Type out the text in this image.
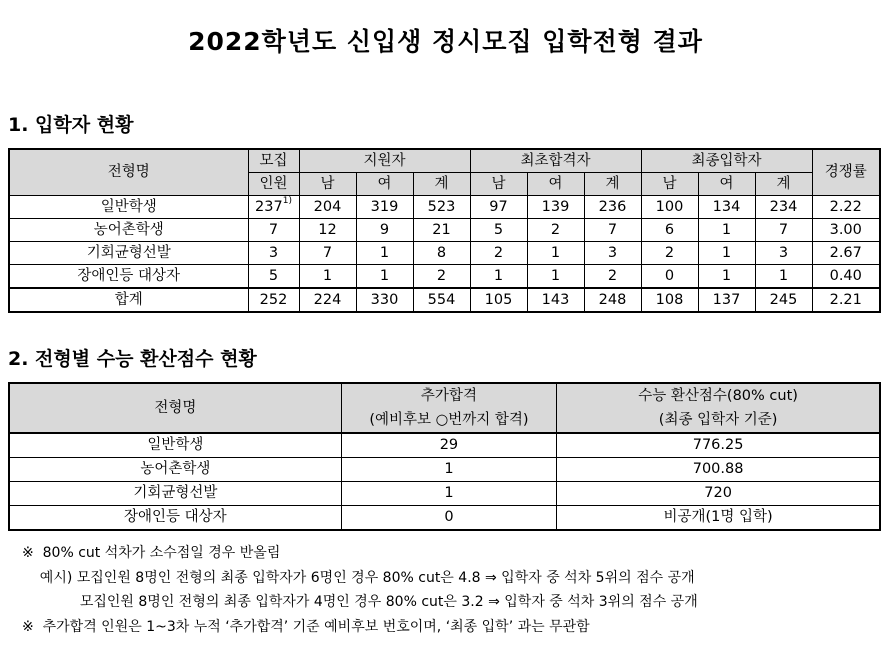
2022학년도 신입생 정시모집 입학전형 결과
1. 입학자 현황
전형명	모집	지원자			최초합격자			최종입학자			경쟁률
	인원	남	여	계	남	여	계	남	여	계	
일반학생	237$^{1)}$	204	319	523	97	139	236	100	134	234	2.22
농어촌학생	7	12	9	21	5	2	7	6	1	7	3.00
기회균형선발	3	7	1	8	2	1	3	2	1	3	2.67
장애인등 대상자	5	1	1	2	1	1	2	0	1	1	0.40
합계	252	224	330	554	105	143	248	108	137	245	2.21
2. 전형별 수능 환산점수 현황
전형명	추가합격	수능 환산점수(80% cut)
	(예비후보 ○번까지 합격)	(최종 입학자 기준)
일반학생	29	776.25
농어촌학생	1	700.88
기회균형선발	1	720
장애인등 대상자	0	비공개(1명 입학)
※  80% cut 석차가 소수점일 경우 반올림
예시) 모집인원 8명인 전형의 최종 입학자가 6명인 경우 80% cut은 4.8 ⇒ 입학자 중 석차 5위의 점수 공개
모집인원 8명인 전형의 최종 입학자가 4명인 경우 80% cut은 3.2 ⇒ 입학자 중 석차 3위의 점수 공개
※  추가합격 인원은 1~3차 누적 ‘추가합격’ 기준 예비후보 번호이며, ‘최종 입학’ 과는 무관함
